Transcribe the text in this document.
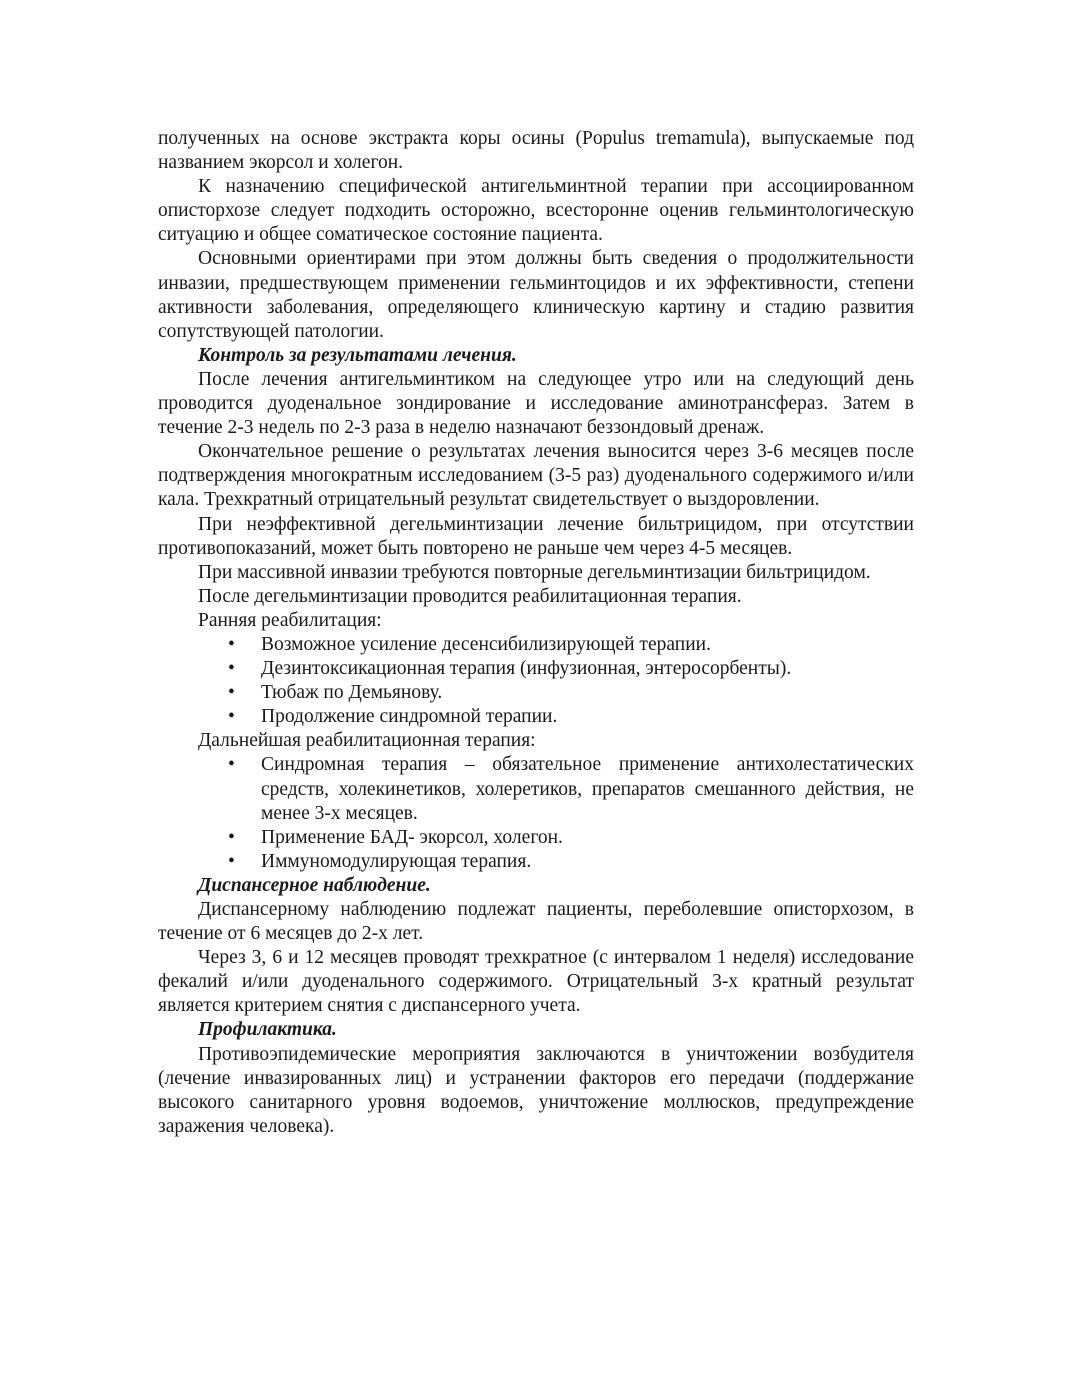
полученных на основе экстракта коры осины (Populus tremamula), выпускаемые под названием экорсол и холегон.

К назначению специфической антигельминтной терапии при ассоциированном описторхозе следует подходить осторожно, всесторонне оценив гельминтологическую ситуацию и общее соматическое состояние пациента.

Основными ориентирами при этом должны быть сведения о продолжительности инвазии, предшествующем применении гельминтоцидов и их эффективности, степени активности заболевания, определяющего клиническую картину и стадию развития сопутствующей патологии.

Контроль за результатами лечения.

После лечения антигельминтиком на следующее утро или на следующий день проводится дуоденальное зондирование и исследование аминотрансфераз. Затем в течение 2-3 недель по 2-3 раза в неделю назначают беззондовый дренаж.

Окончательное решение о результатах лечения выносится через 3-6 месяцев после подтверждения многократным исследованием (3-5 раз) дуоденального содержимого и/или кала. Трехкратный отрицательный результат свидетельствует о выздоровлении.

При неэффективной дегельминтизации лечение бильтрицидом, при отсутствии противопоказаний, может быть повторено не раньше чем через 4-5 месяцев.

При массивной инвазии требуются повторные дегельминтизации бильтрицидом.

После дегельминтизации проводится реабилитационная терапия.

Ранняя реабилитация:

•	Возможное усиление десенсибилизирующей терапии.
•	Дезинтоксикационная терапия (инфузионная, энтеросорбенты).
•	Тюбаж по Демьянову.
•	Продолжение синдромной терапии.

Дальнейшая реабилитационная терапия:

•	Синдромная терапия – обязательное применение антихолестатических средств, холекинетиков, холеретиков, препаратов смешанного действия, не менее 3-х месяцев.
•	Применение БАД- экорсол, холегон.
•	Иммуномодулирующая терапия.

Диспансерное наблюдение.

Диспансерному наблюдению подлежат пациенты, переболевшие описторхозом, в течение от 6 месяцев до 2-х лет.

Через 3, 6 и 12 месяцев проводят трехкратное (с интервалом 1 неделя) исследование фекалий и/или дуоденального содержимого. Отрицательный 3-х кратный результат является критерием снятия с диспансерного учета.

Профилактика.

Противоэпидемические мероприятия заключаются в уничтожении возбудителя (лечение инвазированных лиц) и устранении факторов его передачи (поддержание высокого санитарного уровня водоемов, уничтожение моллюсков, предупреждение заражения человека).
